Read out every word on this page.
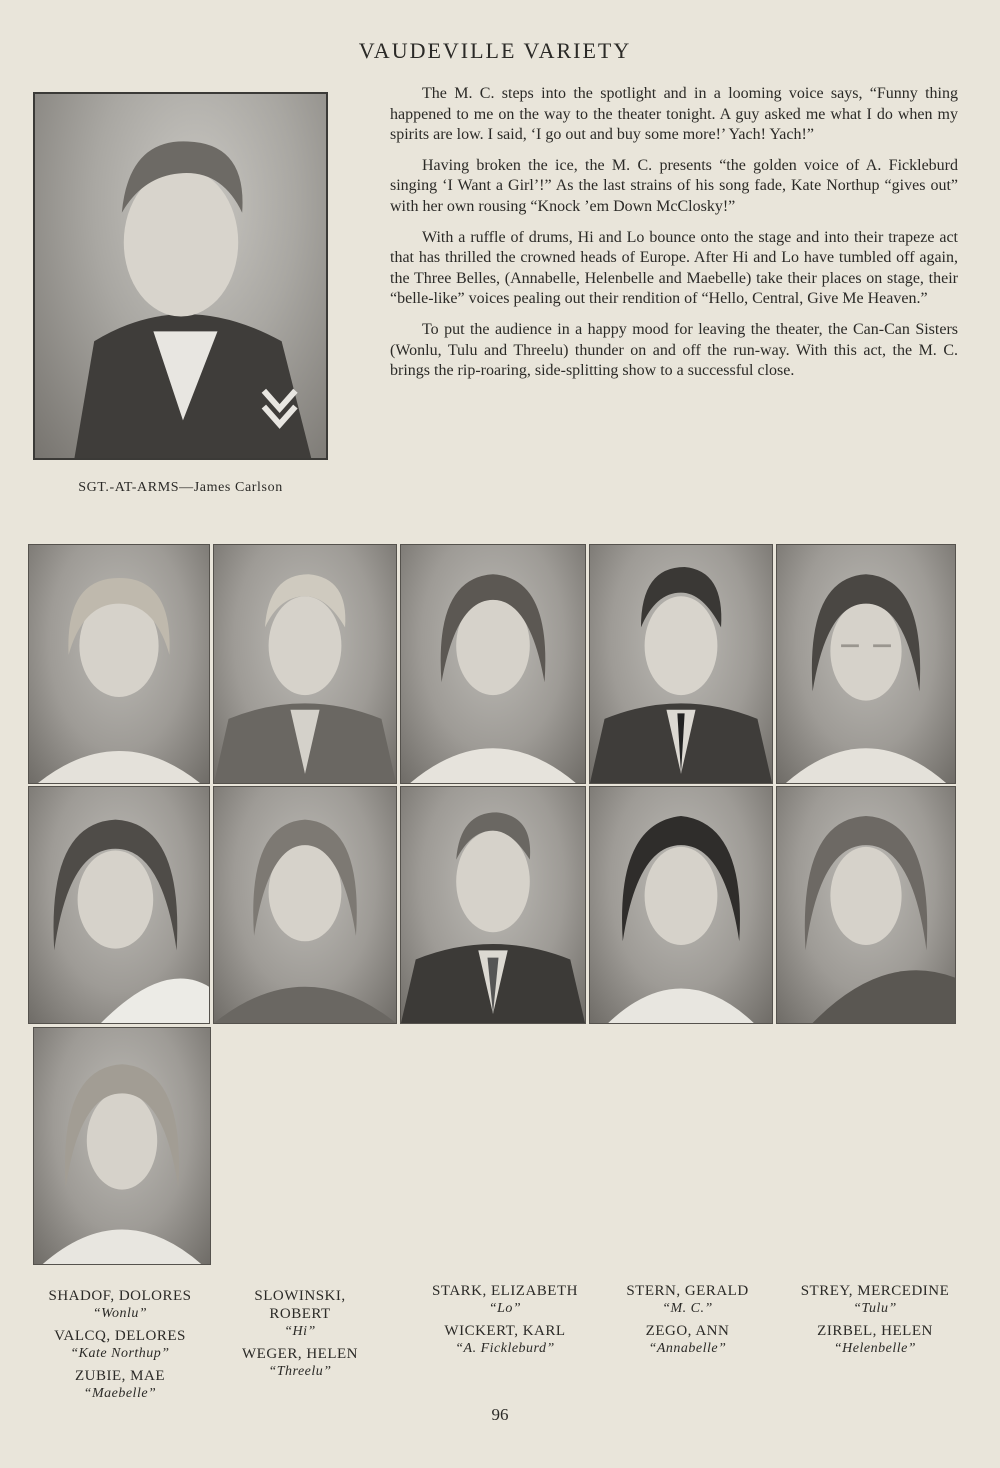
VAUDEVILLE VARIETY
SGT.-AT-ARMS—James Carlson

The M. C. steps into the spotlight and in a looming voice says, “Funny thing happened to me on the way to the theater tonight. A guy asked me what I do when my spirits are low. I said, ‘I go out and buy some more!’ Yach! Yach!”

Having broken the ice, the M. C. presents “the golden voice of A. Fickleburd singing ‘I Want a Girl’!” As the last strains of his song fade, Kate Northup “gives out” with her own rousing “Knock ’em Down McClosky!”

With a ruffle of drums, Hi and Lo bounce onto the stage and into their trapeze act that has thrilled the crowned heads of Europe. After Hi and Lo have tumbled off again, the Three Belles, (Annabelle, Helenbelle and Maebelle) take their places on stage, their “belle-like” voices pealing out their rendition of “Hello, Central, Give Me Heaven.”

To put the audience in a happy mood for leaving the theater, the Can-Can Sisters (Wonlu, Tulu and Threelu) thunder on and off the run-way. With this act, the M. C. brings the rip-roaring, side-splitting show to a successful close.

SHADOF, DOLORES
“Wonlu”
VALCQ, DELORES
“Kate Northup”
ZUBIE, MAE
“Maebelle”
SLOWINSKI, ROBERT
“Hi”
WEGER, HELEN
“Threelu”
STARK, ELIZABETH
“Lo”
WICKERT, KARL
“A. Fickleburd”
STERN, GERALD
“M. C.”
ZEGO, ANN
“Annabelle”
STREY, MERCEDINE
“Tulu”
ZIRBEL, HELEN
“Helenbelle”
96
